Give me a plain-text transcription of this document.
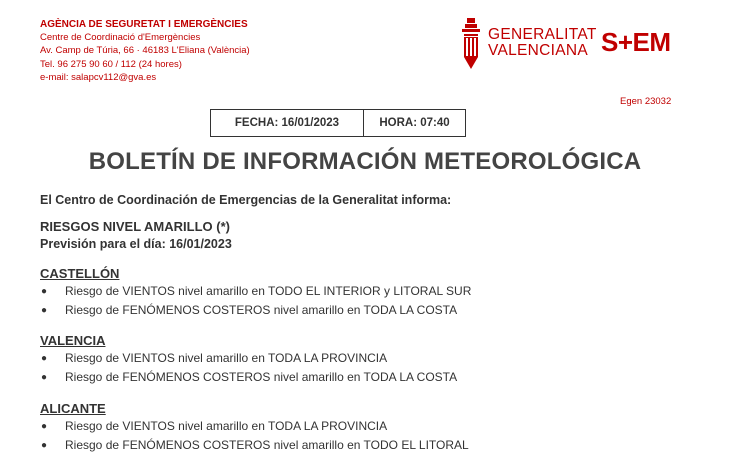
AGÈNCIA DE SEGURETAT I EMERGÈNCIES
Centre de Coordinació d'Emergències
Av. Camp de Túria, 66 · 46183 L'Eliana (València)
Tel. 96 275 90 60 / 112 (24 hores)
e-mail: salapcv112@gva.es
GENERALITAT
VALENCIANA S+EM
Egen 23032
FECHA: 16/01/2023	HORA: 07:40
BOLETÍN DE INFORMACIÓN METEOROLÓGICA
El Centro de Coordinación de Emergencias de la Generalitat informa:
RIESGOS NIVEL AMARILLO (*)
Previsión para el día: 16/01/2023
CASTELLÓN
●	Riesgo de VIENTOS nivel amarillo en TODO EL INTERIOR y LITORAL SUR
●	Riesgo de FENÓMENOS COSTEROS nivel amarillo en TODA LA COSTA
VALENCIA
●	Riesgo de VIENTOS nivel amarillo en TODA LA PROVINCIA
●	Riesgo de FENÓMENOS COSTEROS nivel amarillo en TODA LA COSTA
ALICANTE
●	Riesgo de VIENTOS nivel amarillo en TODA LA PROVINCIA
●	Riesgo de FENÓMENOS COSTEROS nivel amarillo en TODO EL LITORAL
